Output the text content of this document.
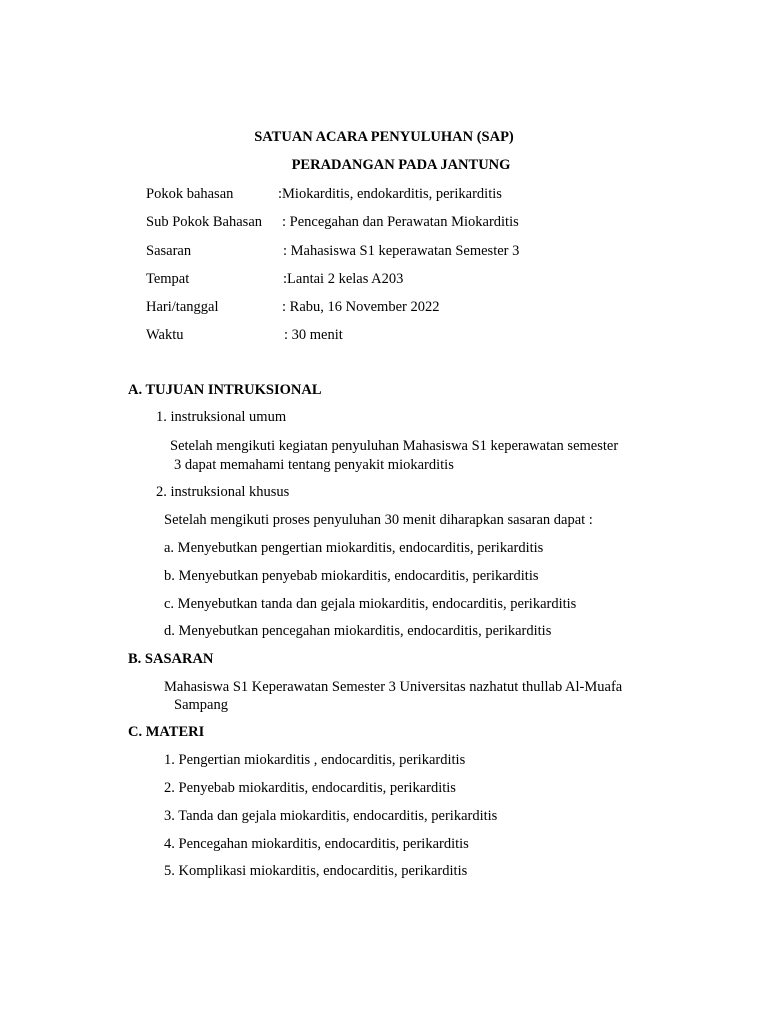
SATUAN ACARA PENYULUHAN (SAP)
PERADANGAN PADA JANTUNG
Pokok bahasan	:Miokarditis, endokarditis, perikarditis
Sub Pokok Bahasan : Pencegahan dan Perawatan Miokarditis
Sasaran	: Mahasiswa S1 keperawatan Semester 3
Tempat	:Lantai 2 kelas A203
Hari/tanggal	: Rabu, 16 November 2022
Waktu	: 30 menit
A. TUJUAN INTRUKSIONAL
1. instruksional umum
Setelah mengikuti kegiatan penyuluhan Mahasiswa S1 keperawatan semester
3 dapat memahami tentang penyakit miokarditis
2. instruksional khusus
Setelah mengikuti proses penyuluhan 30 menit diharapkan sasaran dapat :
a. Menyebutkan pengertian miokarditis, endocarditis, perikarditis
b. Menyebutkan penyebab miokarditis, endocarditis, perikarditis
c. Menyebutkan tanda dan gejala miokarditis, endocarditis, perikarditis
d. Menyebutkan pencegahan miokarditis, endocarditis, perikarditis
B. SASARAN
Mahasiswa S1 Keperawatan Semester 3 Universitas nazhatut thullab Al-Muafa
Sampang
C. MATERI
1. Pengertian miokarditis , endocarditis, perikarditis
2. Penyebab miokarditis, endocarditis, perikarditis
3. Tanda dan gejala miokarditis, endocarditis, perikarditis
4. Pencegahan miokarditis, endocarditis, perikarditis
5. Komplikasi miokarditis, endocarditis, perikarditis
